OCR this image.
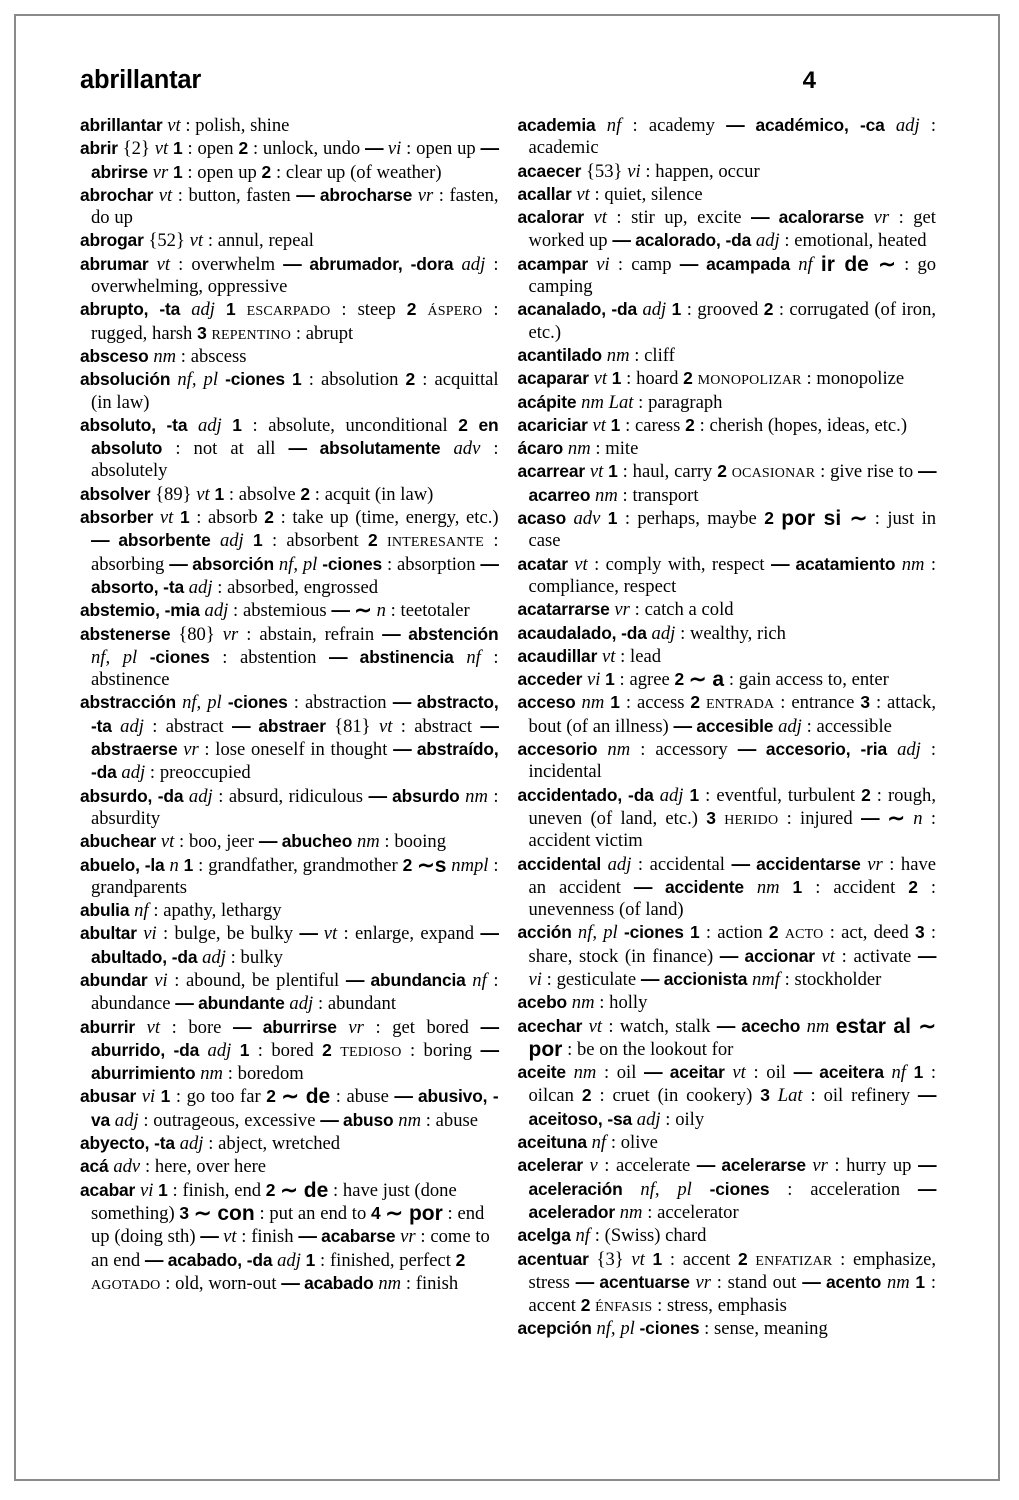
abrillantar	4

abrillantar vt : polish, shine

abrir {2} vt 1 : open 2 : unlock, undo — vi : open up — abrirse vr 1 : open up 2 : clear up (of weather)

abrochar vt : button, fasten — abrocharse vr : fasten, do up

abrogar {52} vt : annul, repeal

abrumar vt : overwhelm — abrumador, -dora adj : overwhelming, oppressive

abrupto, -ta adj 1 escarpado : steep 2 áspero : rugged, harsh 3 repentino : abrupt

absceso nm : abscess

absolución nf, pl -ciones 1 : absolution 2 : acquittal (in law)

absoluto, -ta adj 1 : absolute, unconditional 2 en absoluto : not at all — absolutamente adv : absolutely

absolver {89} vt 1 : absolve 2 : acquit (in law)

absorber vt 1 : absorb 2 : take up (time, energy, etc.) — absorbente adj 1 : absorbent 2 interesante : absorbing — absorción nf, pl -ciones : absorption — absorto, -ta adj : absorbed, engrossed

abstemio, -mia adj : abstemious — ∼ n : teetotaler

abstenerse {80} vr : abstain, refrain — abstención nf, pl -ciones : abstention — abstinencia nf : abstinence

abstracción nf, pl -ciones : abstraction — abstracto, -ta adj : abstract — abstraer {81} vt : abstract — abstraerse vr : lose oneself in thought — abstraído, -da adj : preoccupied

absurdo, -da adj : absurd, ridiculous — absurdo nm : absurdity

abuchear vt : boo, jeer — abucheo nm : booing

abuelo, -la n 1 : grandfather, grandmother 2 ∼s nmpl : grandparents

abulia nf : apathy, lethargy

abultar vi : bulge, be bulky — vt : enlarge, expand — abultado, -da adj : bulky

abundar vi : abound, be plentiful — abundancia nf : abundance — abundante adj : abundant

aburrir vt : bore — aburrirse vr : get bored — aburrido, -da adj 1 : bored 2 tedioso : boring — aburrimiento nm : boredom

abusar vi 1 : go too far 2 ∼ de : abuse — abusivo, -va adj : outrageous, excessive — abuso nm : abuse

abyecto, -ta adj : abject, wretched

acá adv : here, over here

acabar vi 1 : finish, end 2 ∼ de : have just (done something) 3 ∼ con : put an end to 4 ∼ por : end up (doing sth) — vt : finish — acabarse vr : come to an end — acabado, -da adj 1 : finished, perfect 2 agotado : old, worn-out — acabado nm : finish

academia nf : academy — académico, -ca adj : academic

acaecer {53} vi : happen, occur

acallar vt : quiet, silence

acalorar vt : stir up, excite — acalorarse vr : get worked up — acalorado, -da adj : emotional, heated

acampar vi : camp — acampada nf ir de ∼ : go camping

acanalado, -da adj 1 : grooved 2 : corrugated (of iron, etc.)

acantilado nm : cliff

acaparar vt 1 : hoard 2 monopolizar : monopolize

acápite nm Lat : paragraph

acariciar vt 1 : caress 2 : cherish (hopes, ideas, etc.)

ácaro nm : mite

acarrear vt 1 : haul, carry 2 ocasionar : give rise to — acarreo nm : transport

acaso adv 1 : perhaps, maybe 2 por si ∼ : just in case

acatar vt : comply with, respect — acatamiento nm : compliance, respect

acatarrarse vr : catch a cold

acaudalado, -da adj : wealthy, rich

acaudillar vt : lead

acceder vi 1 : agree 2 ∼ a : gain access to, enter

acceso nm 1 : access 2 entrada : entrance 3 : attack, bout (of an illness) — accesible adj : accessible

accesorio nm : accessory — accesorio, -ria adj : incidental

accidentado, -da adj 1 : eventful, turbulent 2 : rough, uneven (of land, etc.) 3 herido : injured — ∼ n : accident victim

accidental adj : accidental — accidentarse vr : have an accident — accidente nm 1 : accident 2 : unevenness (of land)

acción nf, pl -ciones 1 : action 2 acto : act, deed 3 : share, stock (in finance) — accionar vt : activate — vi : gesticulate — accionista nmf : stockholder

acebo nm : holly

acechar vt : watch, stalk — acecho nm estar al ∼ por : be on the lookout for

aceite nm : oil — aceitar vt : oil — aceitera nf 1 : oilcan 2 : cruet (in cookery) 3 Lat : oil refinery — aceitoso, -sa adj : oily

aceituna nf : olive

acelerar v : accelerate — acelerarse vr : hurry up — aceleración nf, pl -ciones : acceleration — acelerador nm : accelerator

acelga nf : (Swiss) chard

acentuar {3} vt 1 : accent 2 enfatizar : emphasize, stress — acentuarse vr : stand out — acento nm 1 : accent 2 énfasis : stress, emphasis

acepción nf, pl -ciones : sense, meaning
